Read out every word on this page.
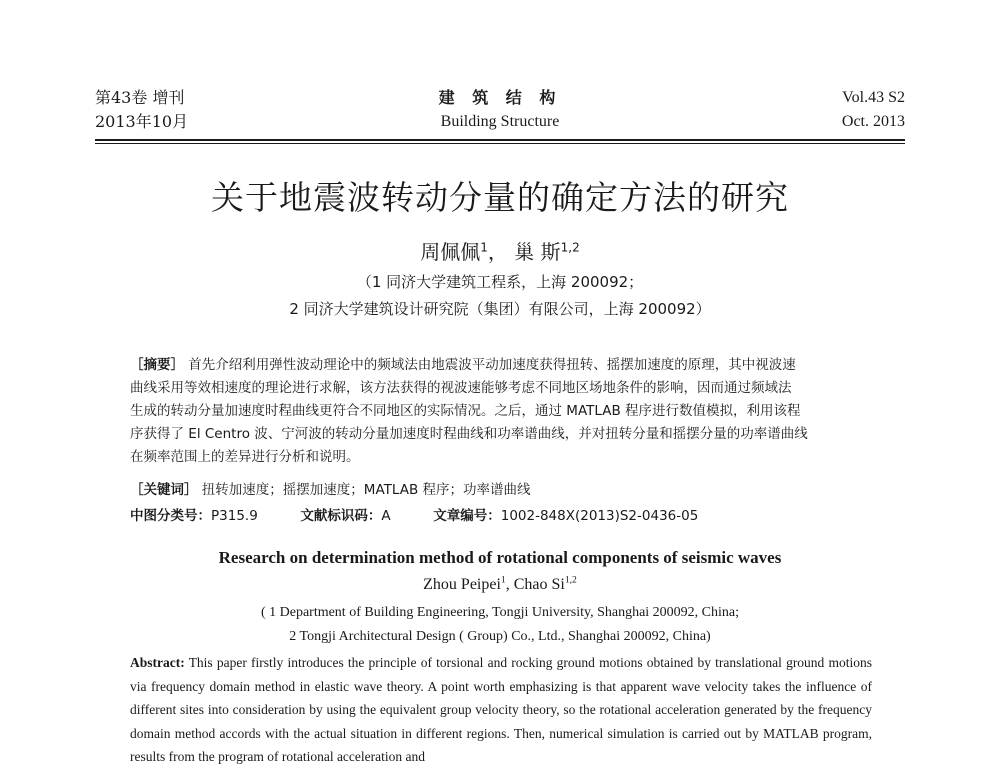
第43卷 增刊
2013年10月
建 筑 结 构
Building Structure
Vol.43 S2
Oct. 2013
关于地震波转动分量的确定方法的研究
周佩佩$^1$， 巢 斯$^{1,2}$
（1 同济大学建筑工程系，上海 200092；
2 同济大学建筑设计研究院（集团）有限公司，上海 200092）
［摘要］ 首先介绍利用弹性波动理论中的频域法由地震波平动加速度获得扭转、摇摆加速度的原理，其中视波速
曲线采用等效相速度的理论进行求解，该方法获得的视波速能够考虑不同地区场地条件的影响，因而通过频域法
生成的转动分量加速度时程曲线更符合不同地区的实际情况。之后，通过 MATLAB 程序进行数值模拟，利用该程
序获得了 El Centro 波、宁河波的转动分量加速度时程曲线和功率谱曲线，并对扭转分量和摇摆分量的功率谱曲线
在频率范围上的差异进行分析和说明。
［关键词］ 扭转加速度；摇摆加速度；MATLAB 程序；功率谱曲线
中图分类号：P315.9	文献标识码：A	文章编号：1002-848X(2013)S2-0436-05
Research on determination method of rotational components of seismic waves
Zhou Peipei$^1$, Chao Si$^{1,2}$
( 1 Department of Building Engineering, Tongji University, Shanghai 200092, China;
2 Tongji Architectural Design ( Group) Co., Ltd., Shanghai 200092, China)
Abstract: This paper firstly introduces the principle of torsional and rocking ground motions obtained by translational ground motions via frequency domain method in elastic wave theory. A point worth emphasizing is that apparent wave velocity takes the influence of different sites into consideration by using the equivalent group velocity theory, so the rotational acceleration generated by the frequency domain method accords with the actual situation in different regions. Then, numerical simulation is carried out by MATLAB program, results from the program of rotational acceleration and
